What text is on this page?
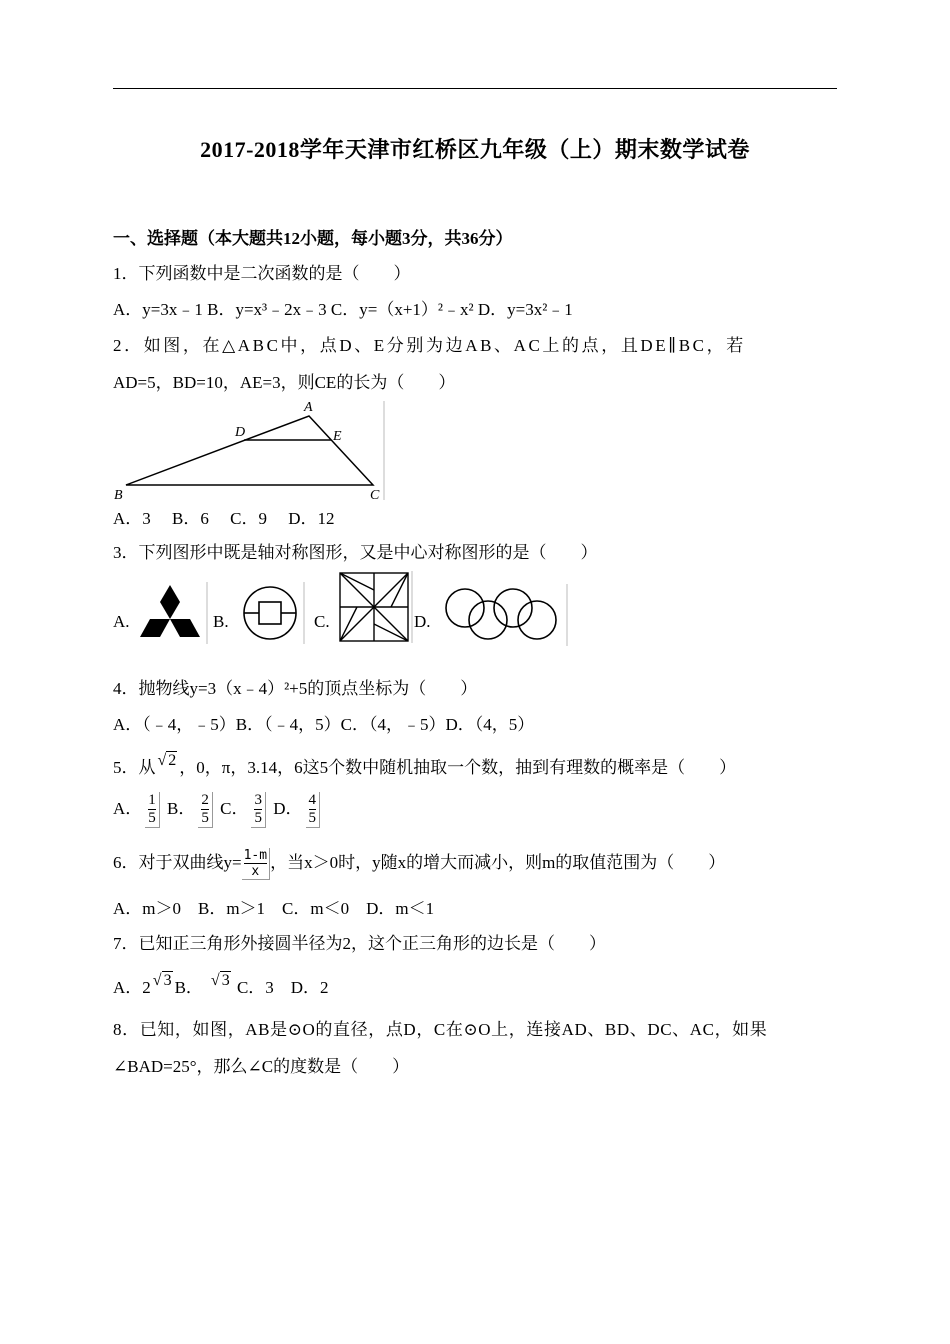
2017-2018学年天津市红桥区九年级（上）期末数学试卷
一、选择题（本大题共12小题，每小题3分，共36分）
1．下列函数中是二次函数的是（　　）
A．y=3x﹣1 B．y=x³﹣2x﹣3 C．y=（x+1）²﹣x² D．y=3x²﹣1
2．如图，在△ABC中，点D、E分别为边AB、AC上的点，且DE∥BC，若
AD=5，BD=10，AE=3，则CE的长为（　　）
A
D	E
B	C
A．3　 B．6　 C．9　 D．12
3．下列图形中既是轴对称图形，又是中心对称图形的是（　　）
A.	B.	C.	D.
4．抛物线y=3（x﹣4）²+5的顶点坐标为（　　）
A．（﹣4，﹣5）B．（﹣4，5）C．（4，﹣5）D．（4，5）
5．从 √ 2 ，0，π，3.14，6这5个数中随机抽取一个数，抽到有理数的概率是（　　）
A． $\frac{1}{5}$ B． $\frac{2}{5}$ C． $\frac{3}{5}$ D． $\frac{4}{5}$
6．对于双曲线$y= \frac{1-m}{x}$ ，当x＞0时，y随x的增大而减小，则m的取值范围为（　　）
A．m＞0　B．m＞1　C．m＜0　D．m＜1
7．已知正三角形外接圆半径为2，这个正三角形的边长是（　　）
A．2 √ 3 B． √ 3 C．3　D．2
8．已知，如图，AB是⊙O的直径，点D，C在⊙O上，连接AD、BD、DC、AC，如果
∠BAD=25°，那么∠C的度数是（　　）
